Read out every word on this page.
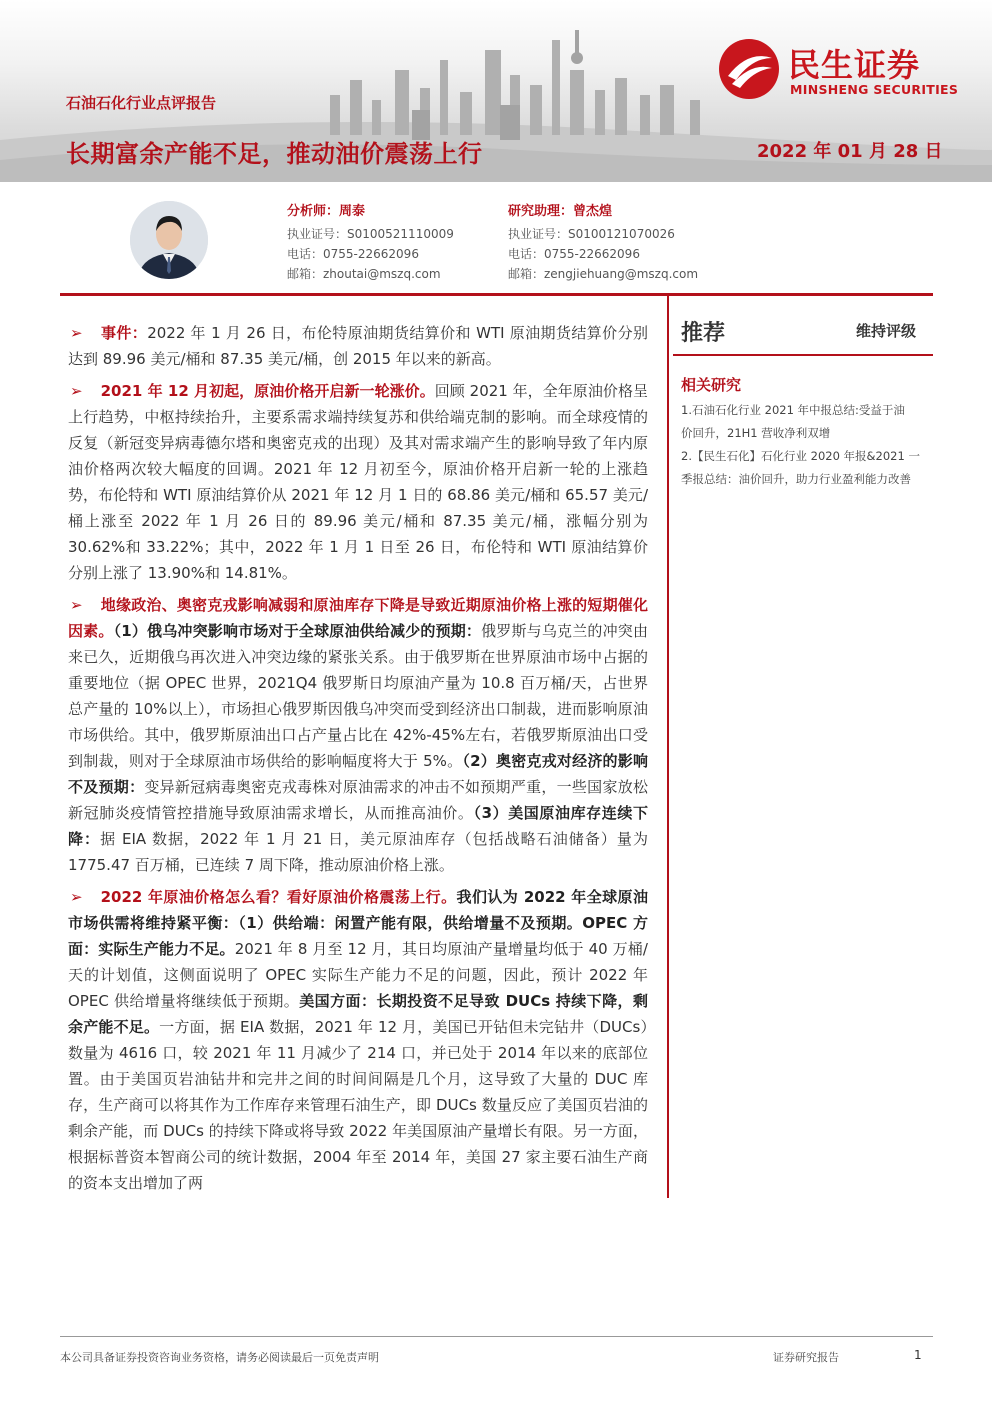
石油石化行业点评报告
长期富余产能不足，推动油价震荡上行	2022 年 01 月 28 日
民生证券
MINSHENG SECURITIES
分析师：周泰
执业证号：S0100521110009
电话：0755-22662096
邮箱：zhoutai@mszq.com
研究助理：曾杰煌
执业证号：S0100121070026
电话：0755-22662096
邮箱：zengjiehuang@mszq.com

➢ 事件：2022 年 1 月 26 日，布伦特原油期货结算价和 WTI 原油期货结算价分别达到 89.96 美元/桶和 87.35 美元/桶，创 2015 年以来的新高。

➢ 2021 年 12 月初起，原油价格开启新一轮涨价。回顾 2021 年，全年原油价格呈上行趋势，中枢持续抬升，主要系需求端持续复苏和供给端克制的影响。而全球疫情的反复（新冠变异病毒德尔塔和奥密克戎的出现）及其对需求端产生的影响导致了年内原油价格两次较大幅度的回调。2021 年 12 月初至今，原油价格开启新一轮的上涨趋势，布伦特和 WTI 原油结算价从 2021 年 12 月 1 日的 68.86 美元/桶和 65.57 美元/桶上涨至 2022 年 1 月 26 日的 89.96 美元/桶和 87.35 美元/桶，涨幅分别为 30.62%和 33.22%；其中，2022 年 1 月 1 日至 26 日，布伦特和 WTI 原油结算价分别上涨了 13.90%和 14.81%。

➢ 地缘政治、奥密克戎影响减弱和原油库存下降是导致近期原油价格上涨的短期催化因素。（1）俄乌冲突影响市场对于全球原油供给减少的预期：俄罗斯与乌克兰的冲突由来已久，近期俄乌再次进入冲突边缘的紧张关系。由于俄罗斯在世界原油市场中占据的重要地位（据 OPEC 世界，2021Q4 俄罗斯日均原油产量为 10.8 百万桶/天，占世界总产量的 10%以上），市场担心俄罗斯因俄乌冲突而受到经济出口制裁，进而影响原油市场供给。其中，俄罗斯原油出口占产量占比在 42%-45%左右，若俄罗斯原油出口受到制裁，则对于全球原油市场供给的影响幅度将大于 5%。（2）奥密克戎对经济的影响不及预期：变异新冠病毒奥密克戎毒株对原油需求的冲击不如预期严重，一些国家放松新冠肺炎疫情管控措施导致原油需求增长，从而推高油价。（3）美国原油库存连续下降：据 EIA 数据，2022 年 1 月 21 日，美元原油库存（包括战略石油储备）量为 1775.47 百万桶，已连续 7 周下降，推动原油价格上涨。

➢ 2022 年原油价格怎么看？看好原油价格震荡上行。我们认为 2022 年全球原油市场供需将维持紧平衡：（1）供给端：闲置产能有限，供给增量不及预期。OPEC 方面：实际生产能力不足。2021 年 8 月至 12 月，其日均原油产量增量均低于 40 万桶/天的计划值，这侧面说明了 OPEC 实际生产能力不足的问题，因此，预计 2022 年 OPEC 供给增量将继续低于预期。美国方面：长期投资不足导致 DUCs 持续下降，剩余产能不足。一方面，据 EIA 数据，2021 年 12 月，美国已开钻但未完钻井（DUCs）数量为 4616 口，较 2021 年 11 月减少了 214 口，并已处于 2014 年以来的底部位置。由于美国页岩油钻井和完井之间的时间间隔是几个月，这导致了大量的 DUC 库存，生产商可以将其作为工作库存来管理石油生产，即 DUCs 数量反应了美国页岩油的剩余产能，而 DUCs 的持续下降或将导致 2022 年美国原油产量增长有限。另一方面，根据标普资本智商公司的统计数据，2004 年至 2014 年，美国 27 家主要石油生产商的资本支出增加了两

推荐	维持评级
相关研究
1.石油石化行业 2021 年中报总结:受益于油
价回升，21H1 营收净利双增
2.【民生石化】石化行业 2020 年报&2021 一
季报总结：油价回升，助力行业盈利能力改善
本公司具备证券投资咨询业务资格，请务必阅读最后一页免责声明	证券研究报告	1
